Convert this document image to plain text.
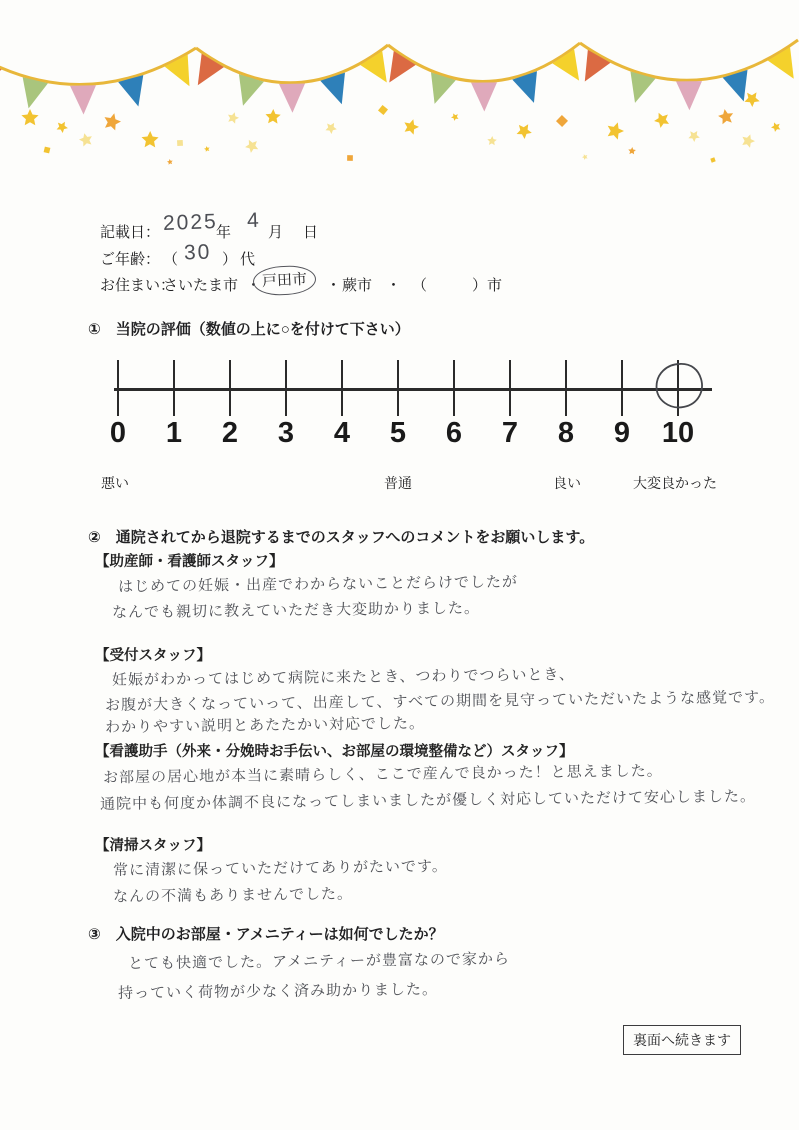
記載日： 2025
年
4
月 日
ご年齢： （ 30 ） 代
お住まい：
さいたま市 ・ 戸田市	・ 蕨市 ・ （　　　）市
①　当院の評価（数値の上に○を付けて下さい）
0 1 2 3 4 5 6 7 8 9 10
悪い	普通	良い	大変良かった
②　通院されてから退院するまでのスタッフへのコメントをお願いします。
【助産師・看護師スタッフ】
はじめての妊娠・出産でわからないことだらけでしたが
なんでも親切に教えていただき大変助かりました。
【受付スタッフ】
妊娠がわかってはじめて病院に来たとき、つわりでつらいとき、
お腹が大きくなっていって、出産して、すべての期間を見守っていただいたような感覚です。
わかりやすい説明とあたたかい対応でした。
【看護助手（外来・分娩時お手伝い、お部屋の環境整備など）スタッフ】
お部屋の居心地が本当に素晴らしく、ここで産んで良かった！と思えました。
通院中も何度か体調不良になってしまいましたが優しく対応していただけて安心しました。
【清掃スタッフ】
常に清潔に保っていただけてありがたいです。
なんの不満もありませんでした。
③　入院中のお部屋・アメニティーは如何でしたか？
とても快適でした。アメニティーが豊富なので家から
持っていく荷物が少なく済み助かりました。
裏面へ続きます
